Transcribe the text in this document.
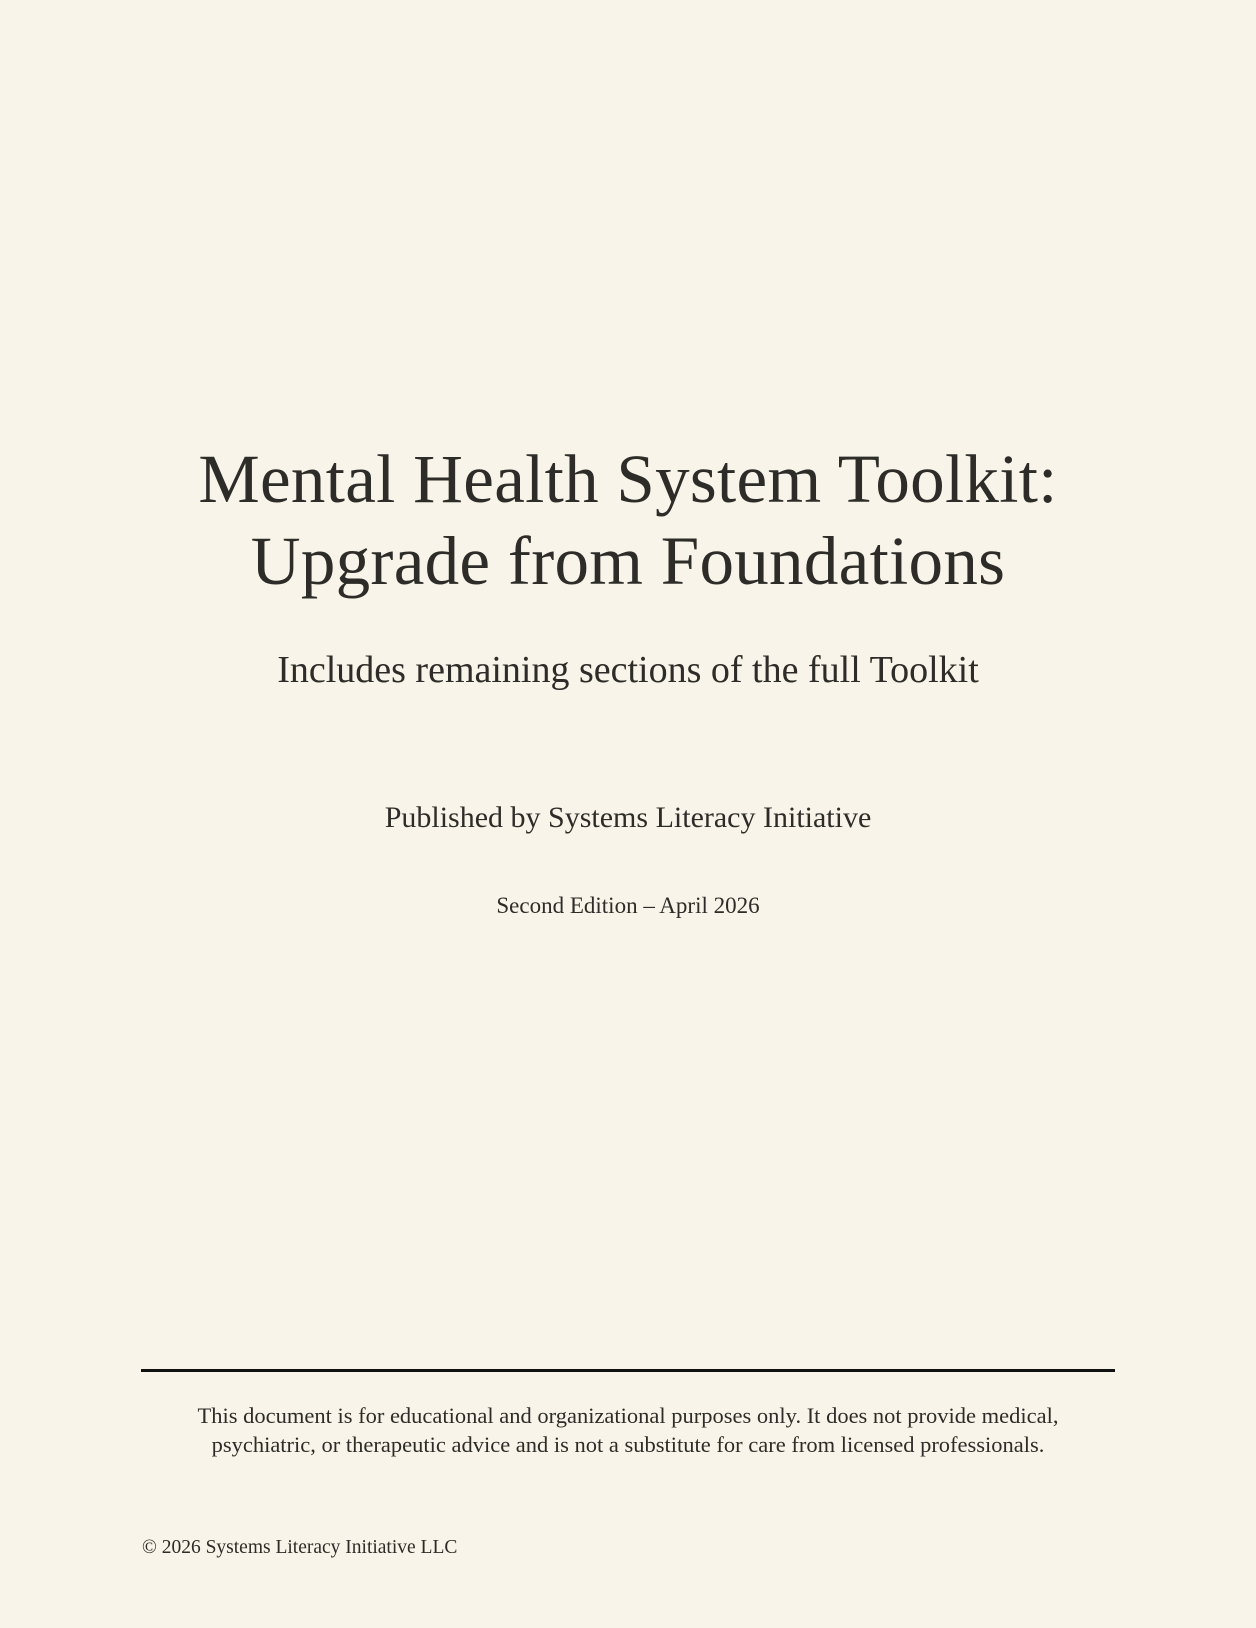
Mental Health System Toolkit:
Upgrade from Foundations
Includes remaining sections of the full Toolkit
Published by Systems Literacy Initiative
Second Edition – April 2026
This document is for educational and organizational purposes only. It does not provide medical,
psychiatric, or therapeutic advice and is not a substitute for care from licensed professionals.
© 2026 Systems Literacy Initiative LLC
